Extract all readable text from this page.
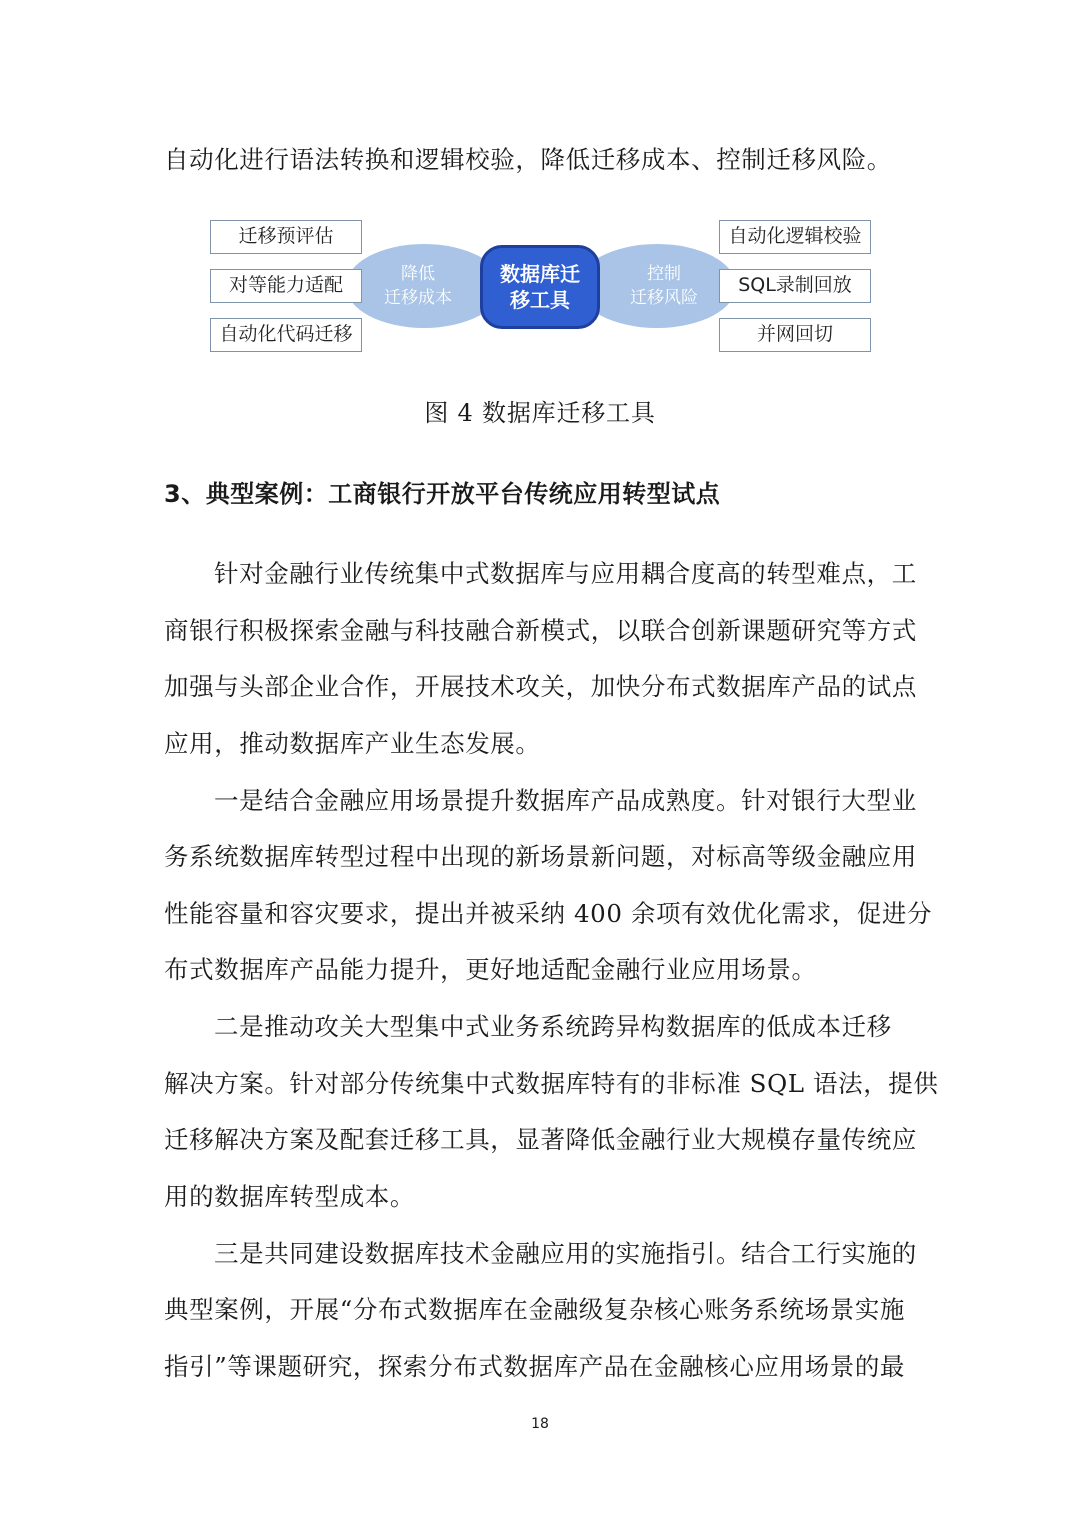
自动化进行语法转换和逻辑校验，降低迁移成本、控制迁移风险。
降低
迁移成本
控制
迁移风险
迁移预评估
对等能力适配
自动化代码迁移
数据库迁
移工具
自动化逻辑校验
SQL录制回放
并网回切
图 4 数据库迁移工具
3、典型案例：工商银行开放平台传统应用转型试点
针对金融行业传统集中式数据库与应用耦合度高的转型难点，工
商银行积极探索金融与科技融合新模式，以联合创新课题研究等方式
加强与头部企业合作，开展技术攻关，加快分布式数据库产品的试点
应用，推动数据库产业生态发展。
一是结合金融应用场景提升数据库产品成熟度。针对银行大型业
务系统数据库转型过程中出现的新场景新问题，对标高等级金融应用
性能容量和容灾要求，提出并被采纳 400 余项有效优化需求，促进分
布式数据库产品能力提升，更好地适配金融行业应用场景。
二是推动攻关大型集中式业务系统跨异构数据库的低成本迁移
解决方案。针对部分传统集中式数据库特有的非标准 SQL 语法，提供
迁移解决方案及配套迁移工具，显著降低金融行业大规模存量传统应
用的数据库转型成本。
三是共同建设数据库技术金融应用的实施指引。结合工行实施的
典型案例，开展“分布式数据库在金融级复杂核心账务系统场景实施
指引”等课题研究，探索分布式数据库产品在金融核心应用场景的最
18
